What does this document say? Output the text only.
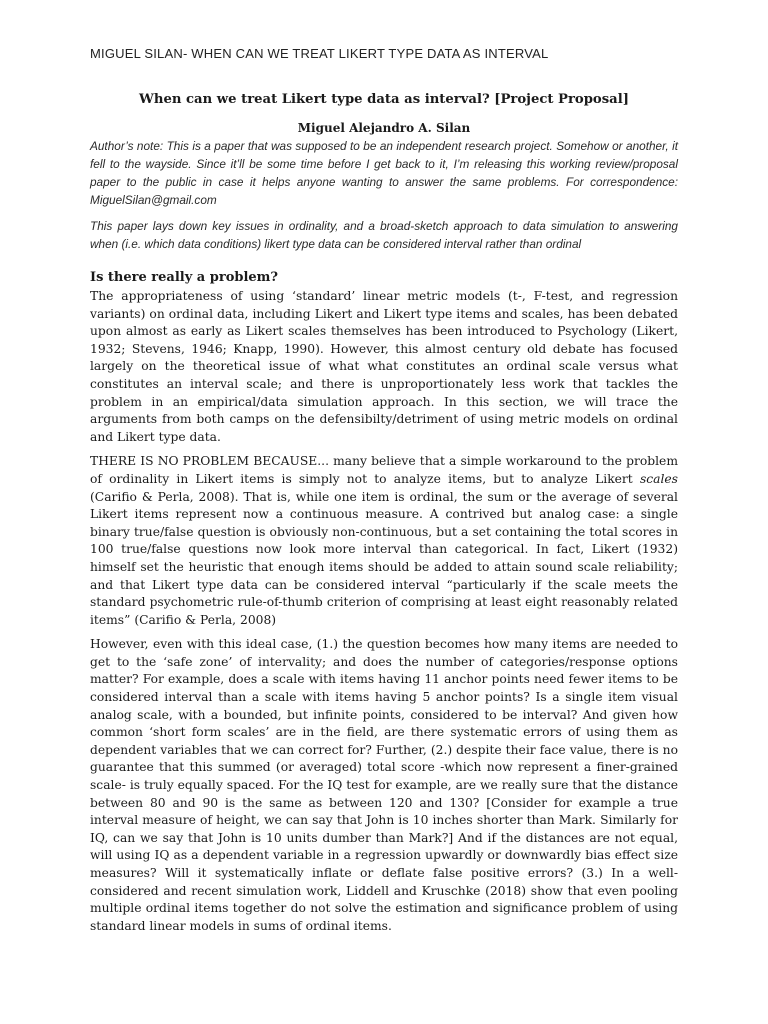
MIGUEL SILAN- WHEN CAN WE TREAT LIKERT TYPE DATA AS INTERVAL
When can we treat Likert type data as interval? [Project Proposal]
Miguel Alejandro A. Silan

Author’s note: This is a paper that was supposed to be an independent research project. Somehow or another, it fell to the wayside. Since it’ll be some time before I get back to it, I’m releasing this working review/proposal paper to the public in case it helps anyone wanting to answer the same problems. For correspondence: MiguelSilan@gmail.com

This paper lays down key issues in ordinality, and a broad-sketch approach to data simulation to answering when (i.e. which data conditions) likert type data can be considered interval rather than ordinal

Is there really a problem?

The appropriateness of using ‘standard’ linear metric models (t-, F-test, and regression variants) on ordinal data, including Likert and Likert type items and scales, has been debated upon almost as early as Likert scales themselves has been introduced to Psychology (Likert, 1932; Stevens, 1946; Knapp, 1990). However, this almost century old debate has focused largely on the theoretical issue of what what constitutes an ordinal scale versus what constitutes an interval scale; and there is unproportionately less work that tackles the problem in an empirical/data simulation approach. In this section, we will trace the arguments from both camps on the defensibilty/detriment of using metric models on ordinal and Likert type data.

THERE IS NO PROBLEM BECAUSE... many believe that a simple workaround to the problem of ordinality in Likert items is simply not to analyze items, but to analyze Likert scales (Carifio & Perla, 2008). That is, while one item is ordinal, the sum or the average of several Likert items represent now a continuous measure. A contrived but analog case: a single binary true/false question is obviously non-continuous, but a set containing the total scores in 100 true/false questions now look more interval than categorical. In fact, Likert (1932) himself set the heuristic that enough items should be added to attain sound scale reliability; and that Likert type data can be considered interval “particularly if the scale meets the standard psychometric rule-of-thumb criterion of comprising at least eight reasonably related items” (Carifio & Perla, 2008)

However, even with this ideal case, (1.) the question becomes how many items are needed to get to the ‘safe zone’ of intervality; and does the number of categories/response options matter? For example, does a scale with items having 11 anchor points need fewer items to be considered interval than a scale with items having 5 anchor points? Is a single item visual analog scale, with a bounded, but infinite points, considered to be interval? And given how common ‘short form scales’ are in the field, are there systematic errors of using them as dependent variables that we can correct for? Further, (2.) despite their face value, there is no guarantee that this summed (or averaged) total score -which now represent a finer-grained scale- is truly equally spaced. For the IQ test for example, are we really sure that the distance between 80 and 90 is the same as between 120 and 130? [Consider for example a true interval measure of height, we can say that John is 10 inches shorter than Mark. Similarly for IQ, can we say that John is 10 units dumber than Mark?] And if the distances are not equal, will using IQ as a dependent variable in a regression upwardly or downwardly bias effect size measures? Will it systematically inflate or deflate false positive errors? (3.) In a well-considered and recent simulation work, Liddell and Kruschke (2018) show that even pooling multiple ordinal items together do not solve the estimation and significance problem of using standard linear models in sums of ordinal items.
